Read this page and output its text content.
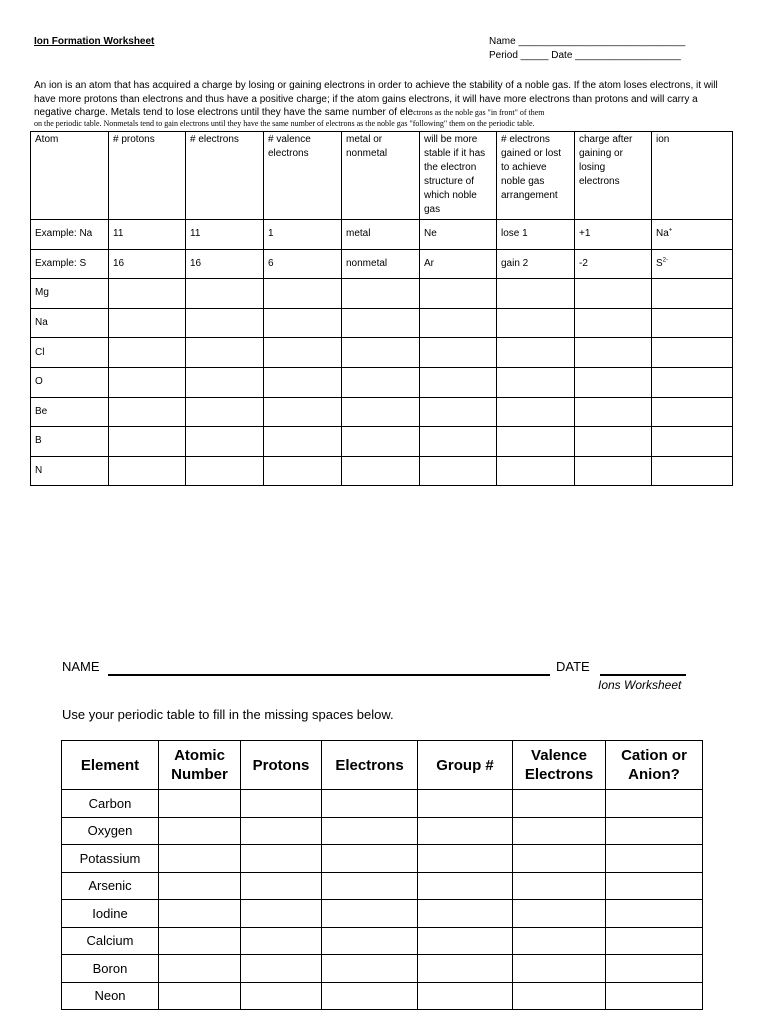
Ion Formation Worksheet	Name ______________________________
Period _____ Date ___________________
An ion is an atom that has acquired a charge by losing or gaining electrons in order to achieve the stability of a noble gas. If the atom loses electrons, it will have more protons than electrons and thus have a positive charge; if the atom gains electrons, it will have more electrons than protons and will carry a negative charge. Metals tend to lose electrons until they have the same number of electrons as the noble gas "in front" of them
on the periodic table. Nonmetals tend to gain electrons until they have the same number of electrons as the noble gas "following" them on the periodic table.
Atom	# protons	# electrons	# valence electrons	metal or nonmetal	will be more stable if it has the electron structure of which noble gas	# electrons gained or lost to achieve noble gas arrangement	charge after gaining or losing electrons	ion
Example: Na	11	11	1	metal	Ne	lose 1	+1	Na+
Example: S	16	16	6	nonmetal	Ar	gain 2	-2	$S^{2-}$
Mg								
Na								
Cl								
O								
Be								
B								
N								
NAME	DATE
Ions Worksheet
Use your periodic table to fill in the missing spaces below.
Element	Atomic Number	Protons	Electrons	Group #	Valence Electrons	Cation or Anion?
Carbon						
Oxygen						
Potassium						
Arsenic						
Iodine						
Calcium						
Boron						
Neon						
